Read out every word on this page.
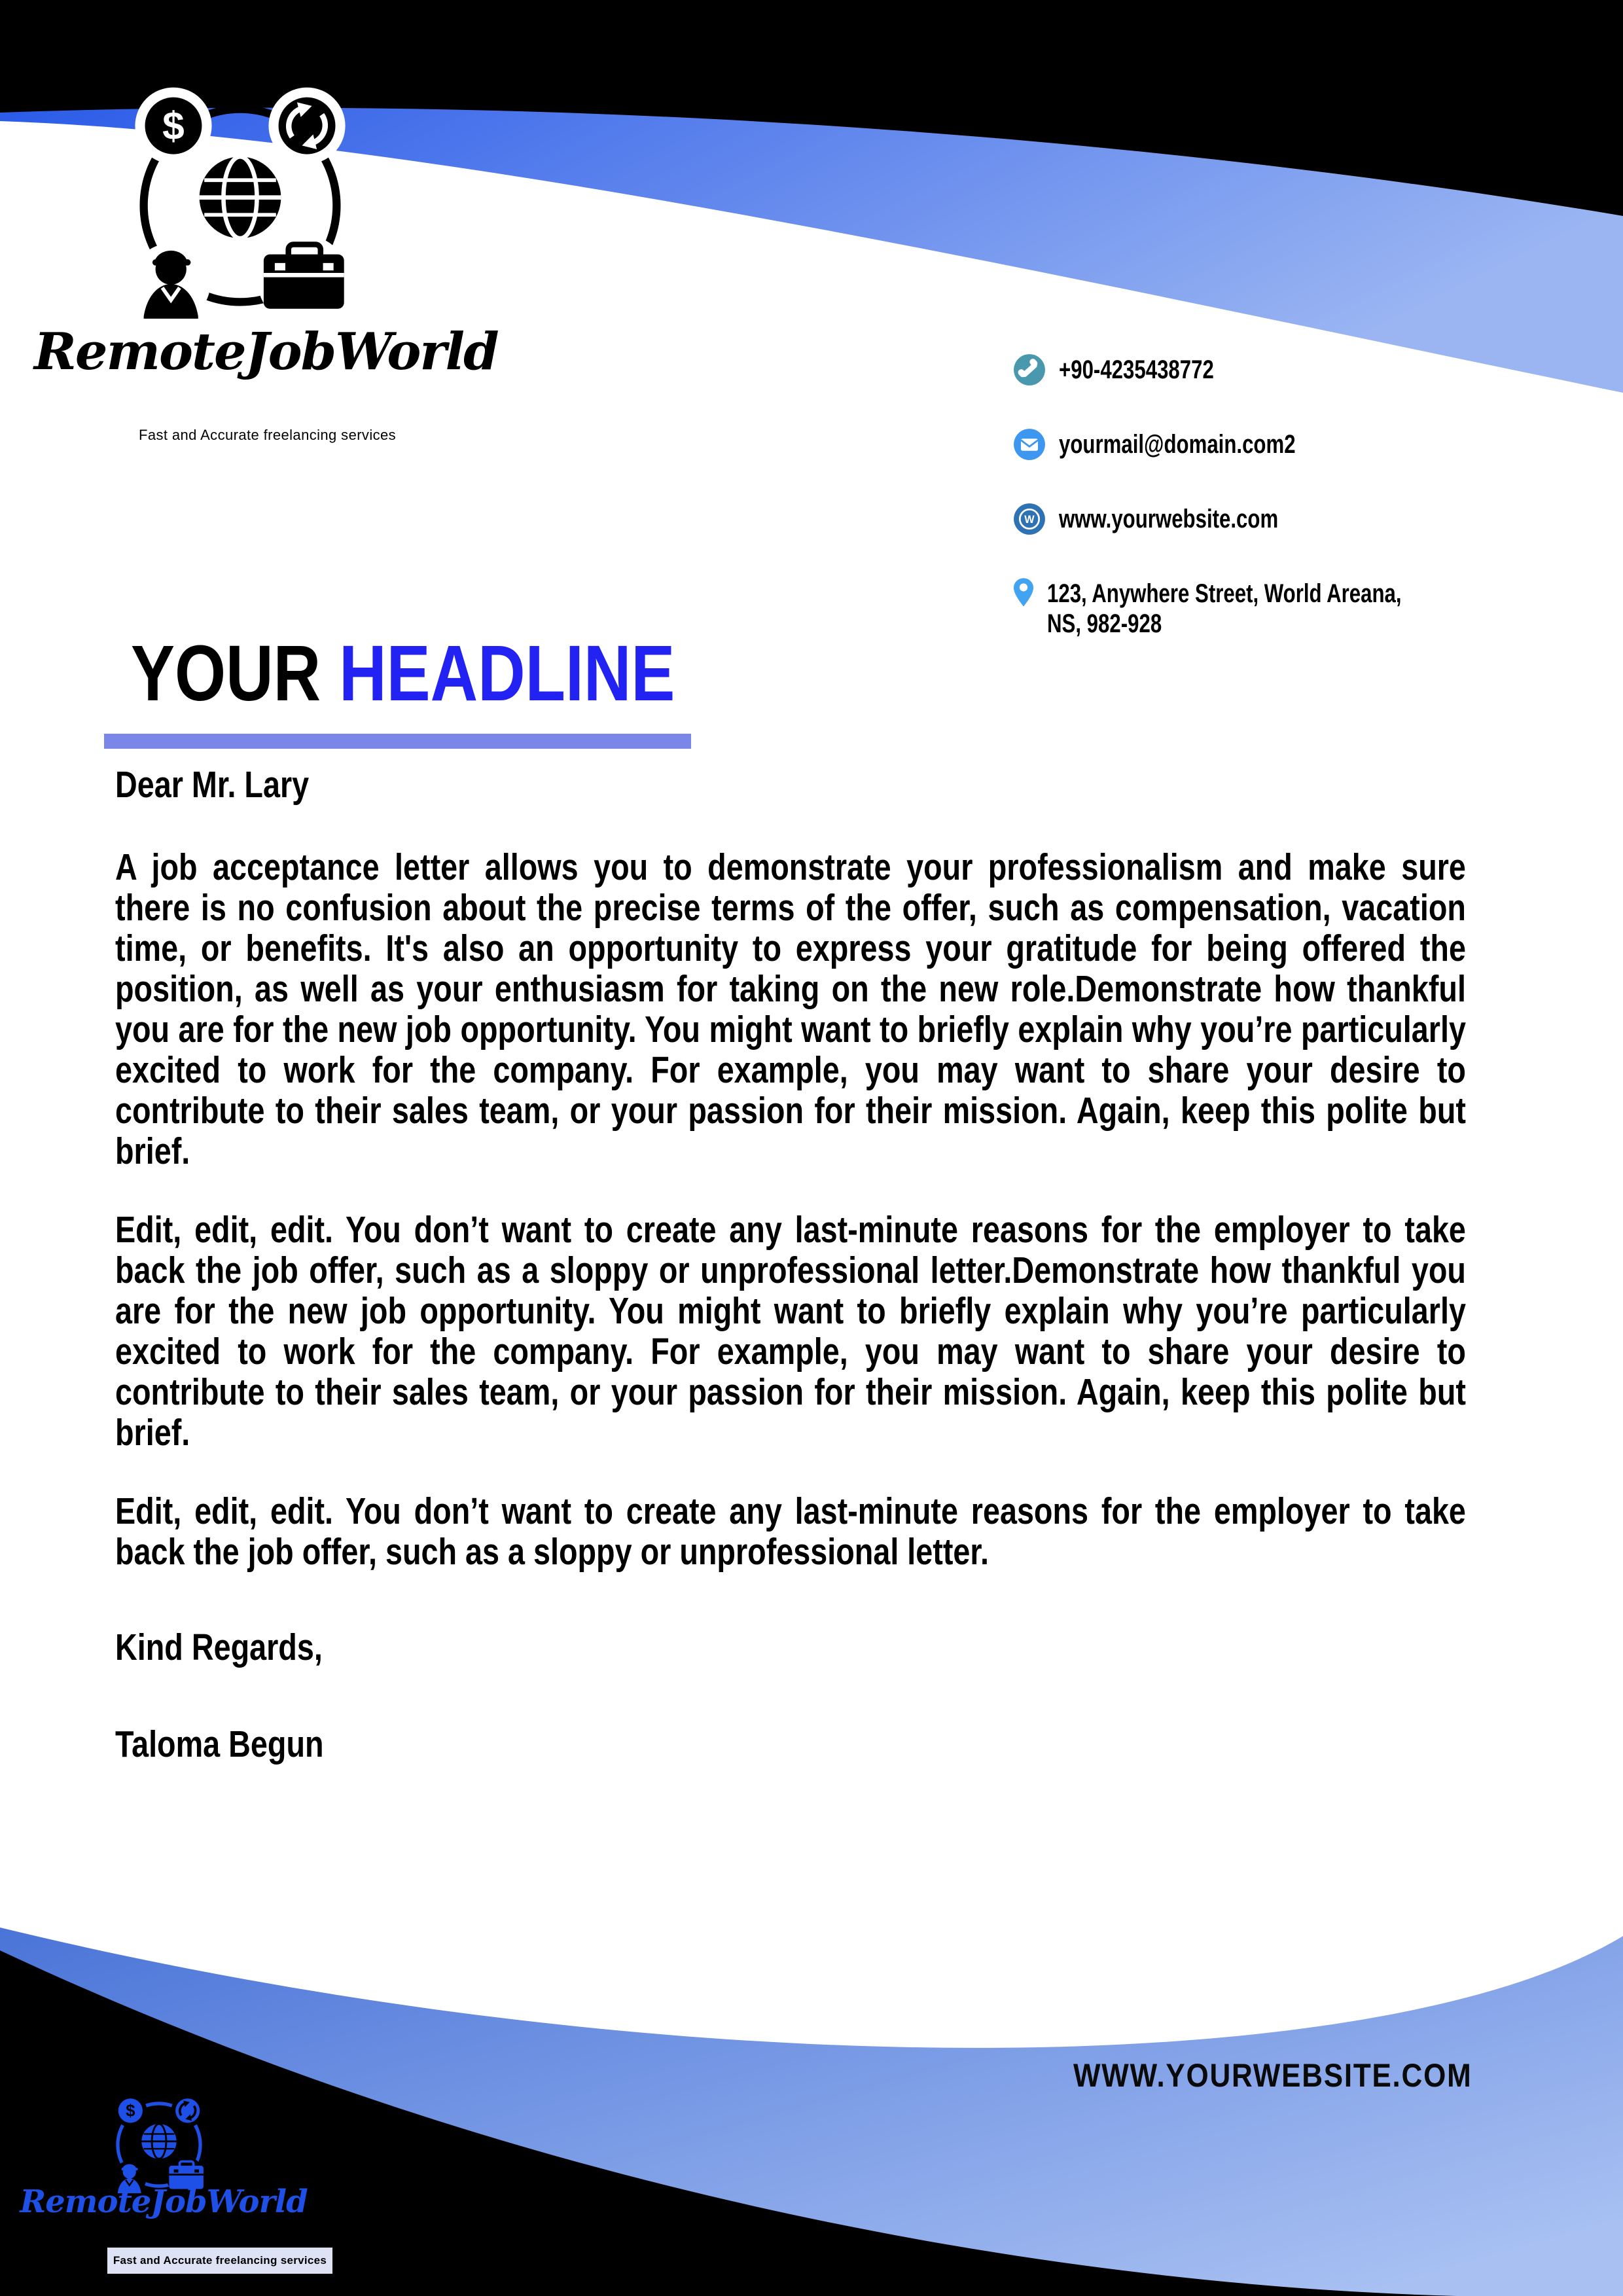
$
RemoteJobWorld
Fast and Accurate freelancing services
+90-4235438772
yourmail@domain.com2
W www.yourwebsite.com
123, Anywhere Street, World Areana,
NS, 982-928
YOUR HEADLINE
Dear Mr. Lary

A job acceptance letter allows you to demonstrate your professionalism and make sure there is no confusion about the precise terms of the offer, such as compensation, vacation time, or benefits. It's also an opportunity to express your gratitude for being offered the position, as well as your enthusiasm for taking on the new role.Demonstrate how thankful you are for the new job opportunity. You might want to briefly explain why you’re particularly excited to work for the company. For example, you may want to share your desire to contribute to their sales team, or your passion for their mission. Again, keep this polite but brief.

Edit, edit, edit. You don’t want to create any last-minute reasons for the employer to take back the job offer, such as a sloppy or unprofessional letter.Demonstrate how thankful you are for the new job opportunity. You might want to briefly explain why you’re particularly excited to work for the company. For example, you may want to share your desire to contribute to their sales team, or your passion for their mission. Again, keep this polite but brief.

Edit, edit, edit. You don’t want to create any last-minute reasons for the employer to take back the job offer, such as a sloppy or unprofessional letter.

Kind Regards,
Taloma Begun
WWW.YOURWEBSITE.COM
$
RemoteJobWorld
Fast and Accurate freelancing services
